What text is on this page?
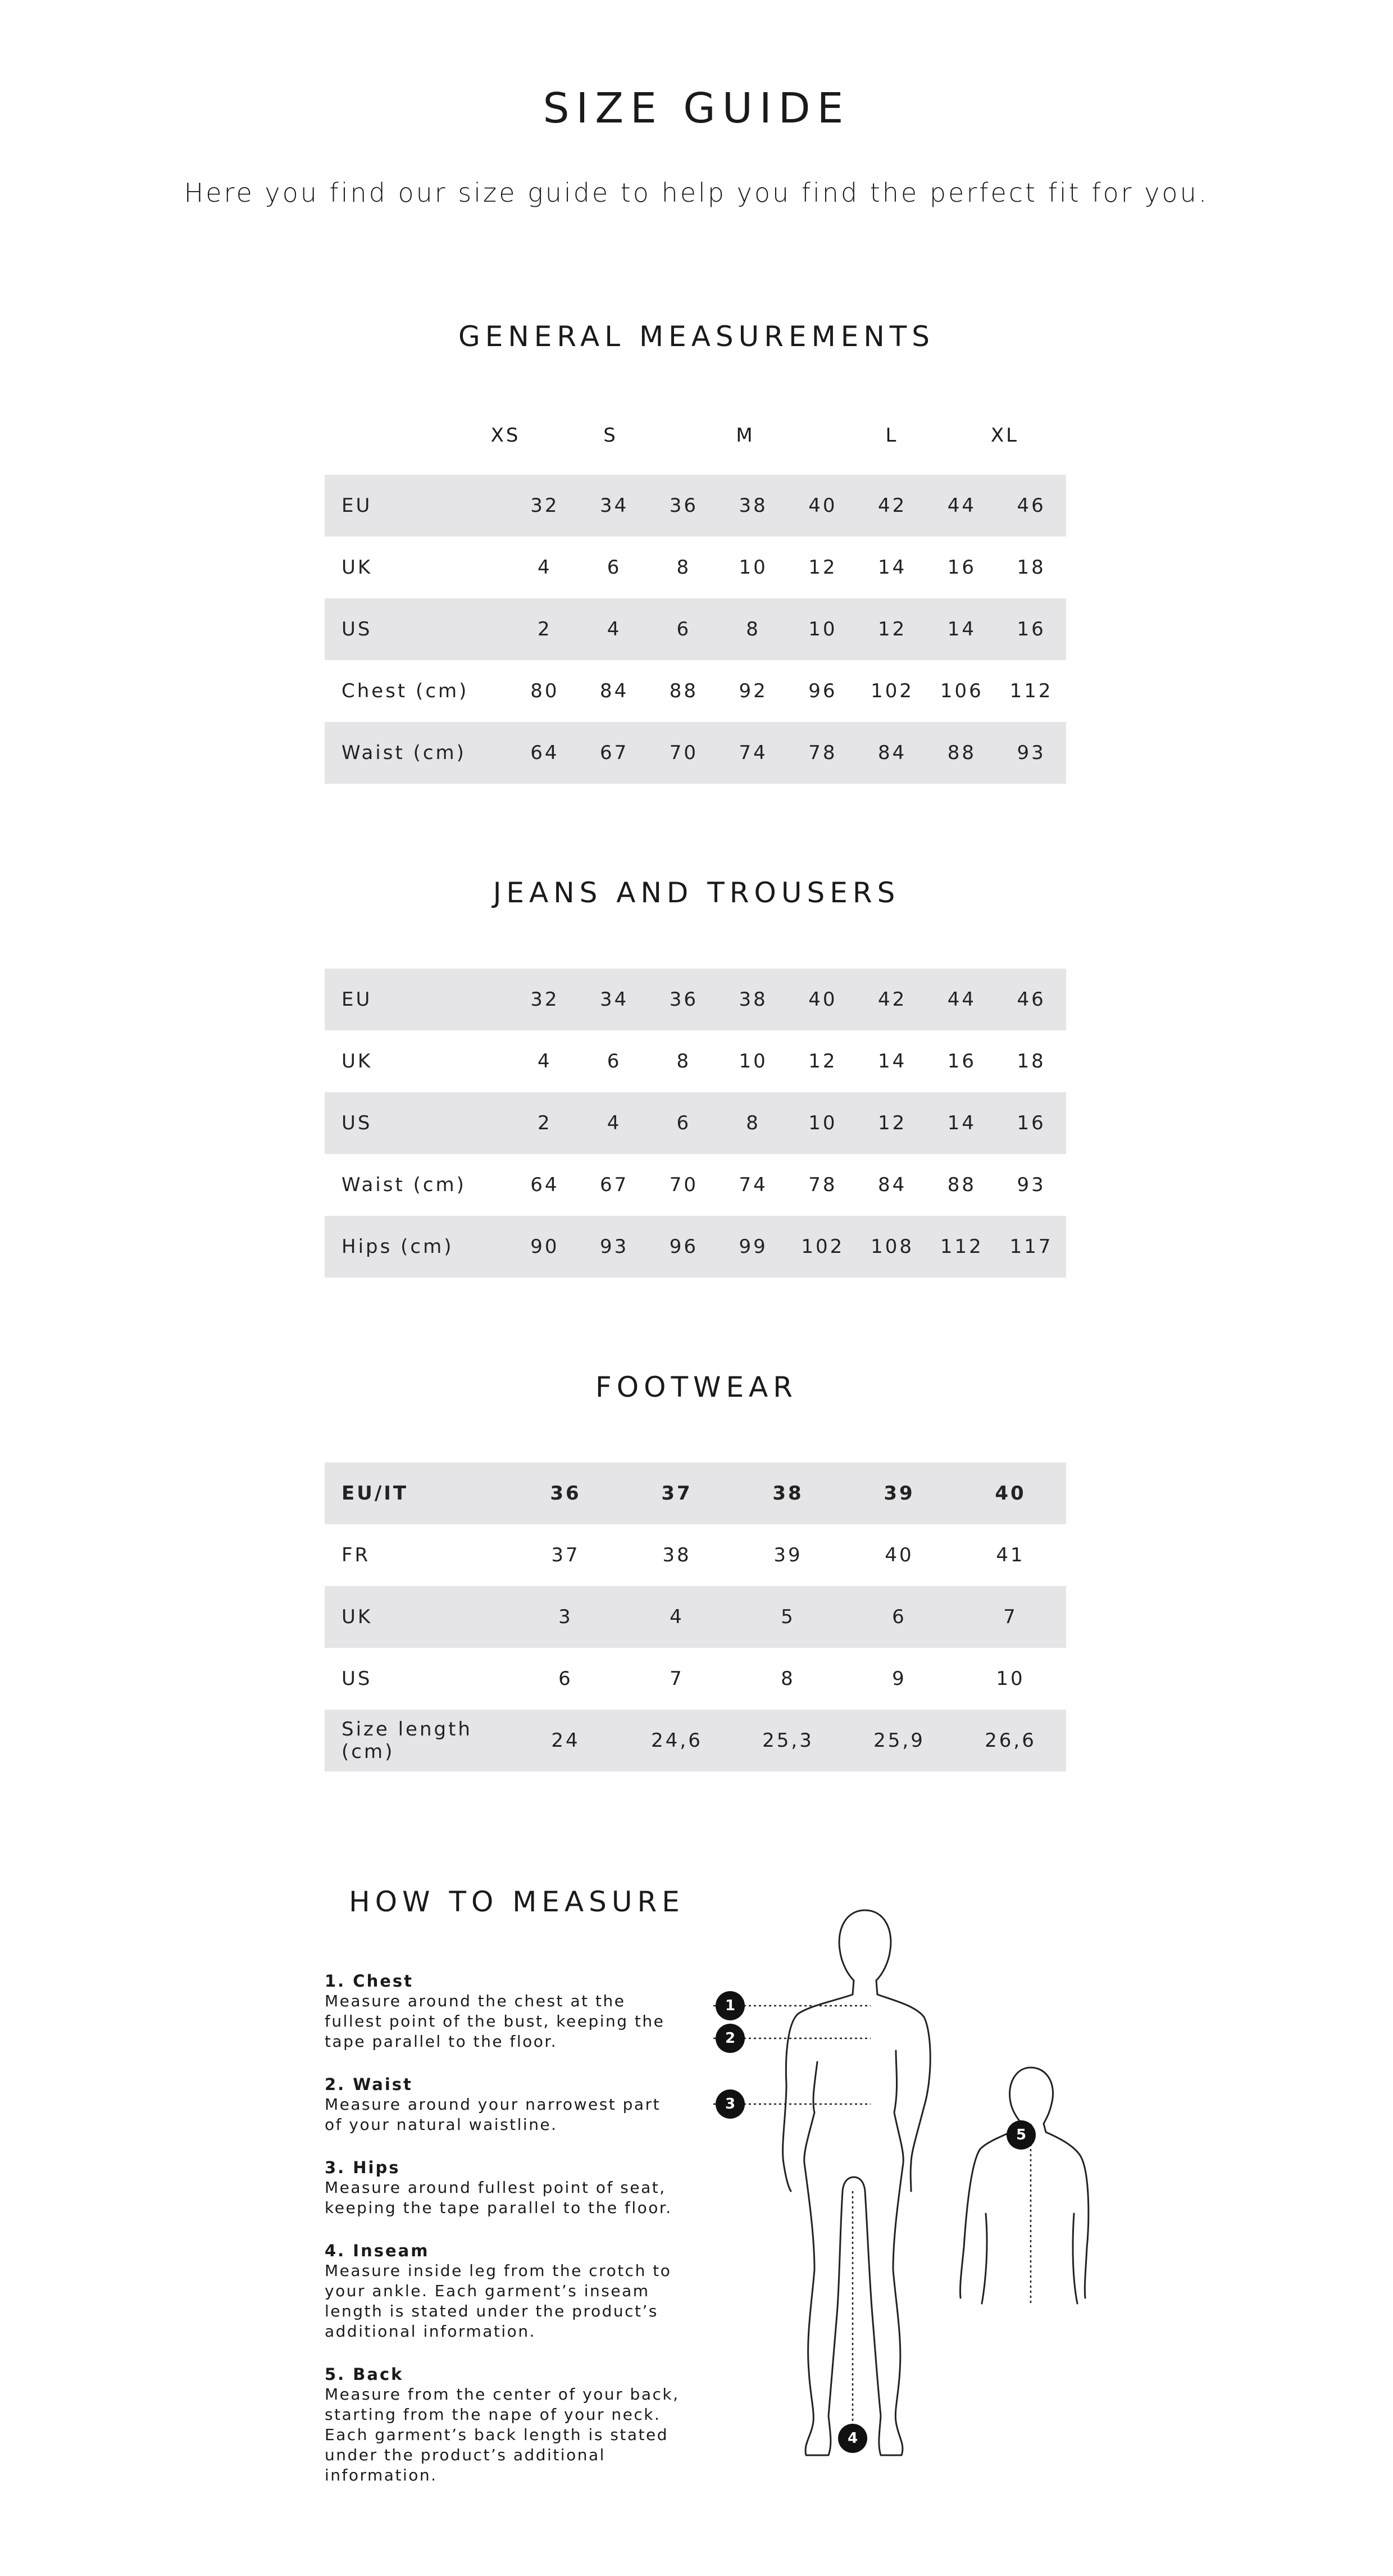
SIZE GUIDE
Here you find our size guide to help you find the perfect fit for you.
GENERAL MEASUREMENTS
XS	S	M	L	XL
EU	32	34	36	38	40	42	44	46
UK	4	6	8	10	12	14	16	18
US	2	4	6	8	10	12	14	16
Chest (cm)	80	84	88	92	96	102	106	112
Waist (cm)	64	67	70	74	78	84	88	93
JEANS AND TROUSERS
EU	32	34	36	38	40	42	44	46
UK	4	6	8	10	12	14	16	18
US	2	4	6	8	10	12	14	16
Waist (cm)	64	67	70	74	78	84	88	93
Hips (cm)	90	93	96	99	102	108	112	117
FOOTWEAR
EU/IT	36	37	38	39	40
FR	37	38	39	40	41
UK	3	4	5	6	7
US	6	7	8	9	10
Size length (cm)	24	24,6	25,3	25,9	26,6
HOW TO MEASURE
1. Chest
Measure around the chest at the fullest point of the bust, keeping the tape parallel to the floor.
2. Waist
Measure around your narrowest part of your natural waistline.
3. Hips
Measure around fullest point of seat, keeping the tape parallel to the floor.
4. Inseam
Measure inside leg from the crotch to your ankle. Each garment’s inseam length is stated under the product’s additional information.
5. Back
Measure from the center of your back, starting from the nape of your neck. Each garment’s back length is stated under the product’s additional information.
1
2
3
4
5
